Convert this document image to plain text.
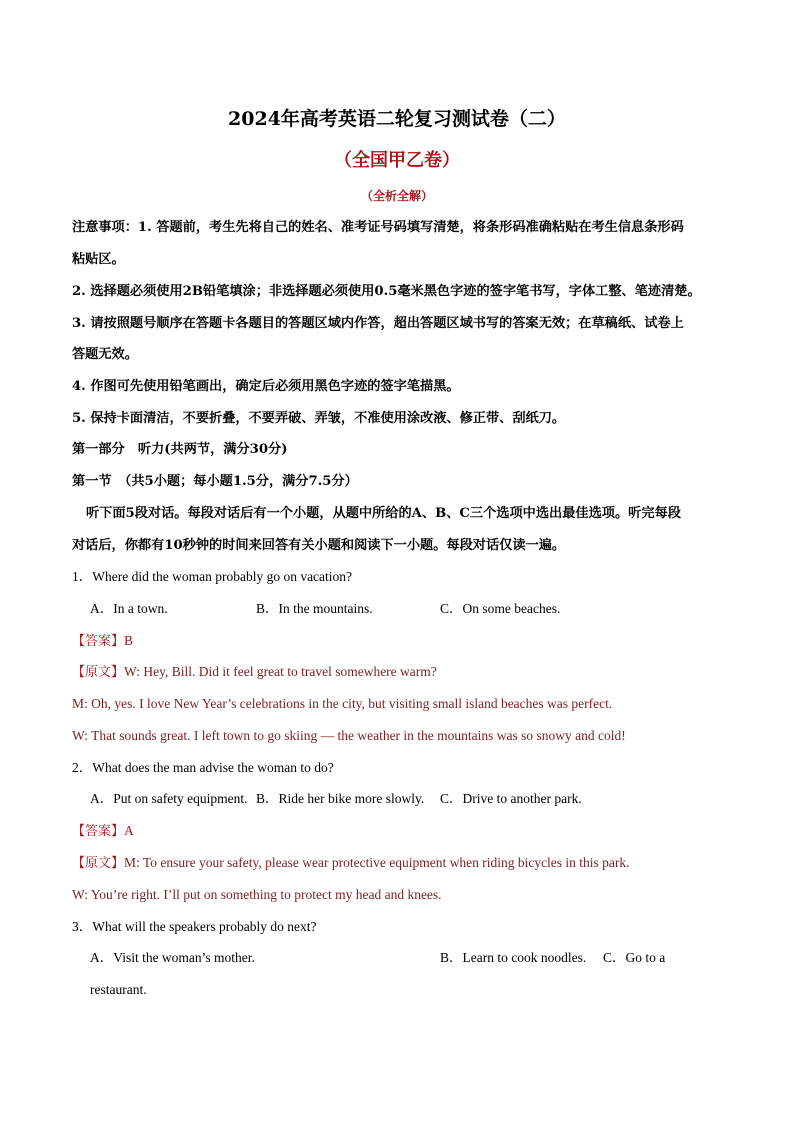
2024年高考英语二轮复习测试卷（二）
（全国甲乙卷）
（全析全解）
注意事项：1. 答题前，考生先将自己的姓名、准考证号码填写清楚，将条形码准确粘贴在考生信息条形码
粘贴区。
2. 选择题必须使用2B铅笔填涂；非选择题必须使用0.5毫米黑色字迹的签字笔书写，字体工整、笔迹清楚。
3. 请按照题号顺序在答题卡各题目的答题区域内作答，超出答题区域书写的答案无效；在草稿纸、试卷上
答题无效。
4. 作图可先使用铅笔画出，确定后必须用黑色字迹的签字笔描黑。
5. 保持卡面清洁，不要折叠，不要弄破、弄皱，不准使用涂改液、修正带、刮纸刀。
第一部分　听力(共两节，满分30分)
第一节　（共5小题；每小题1.5分，满分7.5分）
听下面5段对话。每段对话后有一个小题，从题中所给的A、B、C三个选项中选出最佳选项。听完每段
对话后，你都有10秒钟的时间来回答有关小题和阅读下一小题。每段对话仅读一遍。
1．Where did the woman probably go on vacation?
A．In a town.	B．In the mountains.	C．On some beaches.
【答案】B
【原文】W: Hey, Bill. Did it feel great to travel somewhere warm?
M: Oh, yes. I love New Year’s celebrations in the city, but visiting small island beaches was perfect.
W: That sounds great. I left town to go skiing — the weather in the mountains was so snowy and cold!
2．What does the man advise the woman to do?
A．Put on safety equipment. B．Ride her bike more slowly. C．Drive to another park.
【答案】A
【原文】M: To ensure your safety, please wear protective equipment when riding bicycles in this park.
W: You’re right. I’ll put on something to protect my head and knees.
3．What will the speakers probably do next?
A．Visit the woman’s mother.	B．Learn to cook noodles. C．Go to a
restaurant.
